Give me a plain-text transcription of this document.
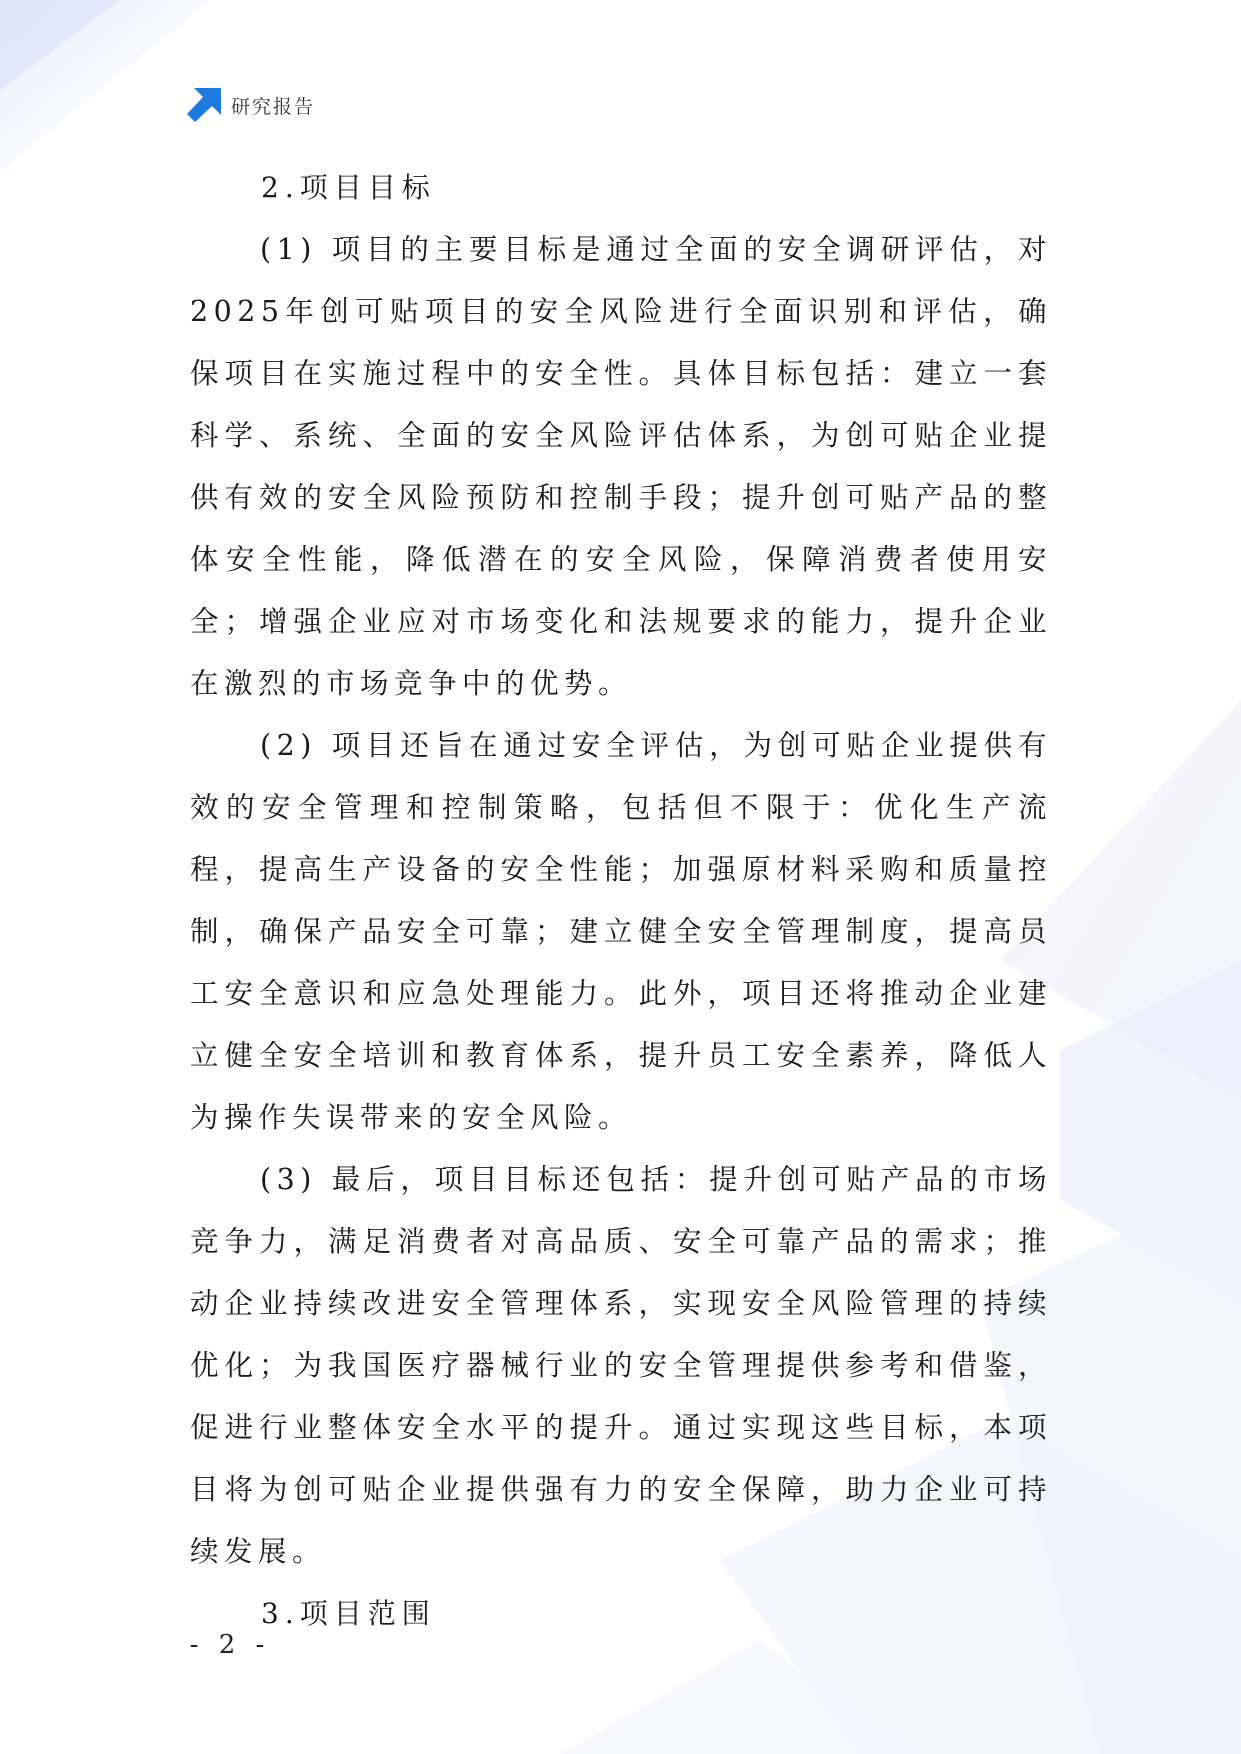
研究报告
2.项目目标

(1) 项目的主要目标是通过全面的安全调研评估，对2025年创可贴项目的安全风险进行全面识别和评估，确保项目在实施过程中的安全性。具体目标包括：建立一套科学、系统、全面的安全风险评估体系，为创可贴企业提供有效的安全风险预防和控制手段；提升创可贴产品的整体安全性能，降低潜在的安全风险，保障消费者使用安全；增强企业应对市场变化和法规要求的能力，提升企业在激烈的市场竞争中的优势。

(2) 项目还旨在通过安全评估，为创可贴企业提供有效的安全管理和控制策略，包括但不限于：优化生产流程，提高生产设备的安全性能；加强原材料采购和质量控制，确保产品安全可靠；建立健全安全管理制度，提高员工安全意识和应急处理能力。此外，项目还将推动企业建立健全安全培训和教育体系，提升员工安全素养，降低人为操作失误带来的安全风险。

(3) 最后，项目目标还包括：提升创可贴产品的市场竞争力，满足消费者对高品质、安全可靠产品的需求；推动企业持续改进安全管理体系，实现安全风险管理的持续优化；为我国医疗器械行业的安全管理提供参考和借鉴，促进行业整体安全水平的提升。通过实现这些目标，本项目将为创可贴企业提供强有力的安全保障，助力企业可持续发展。

3.项目范围
- 2 -
